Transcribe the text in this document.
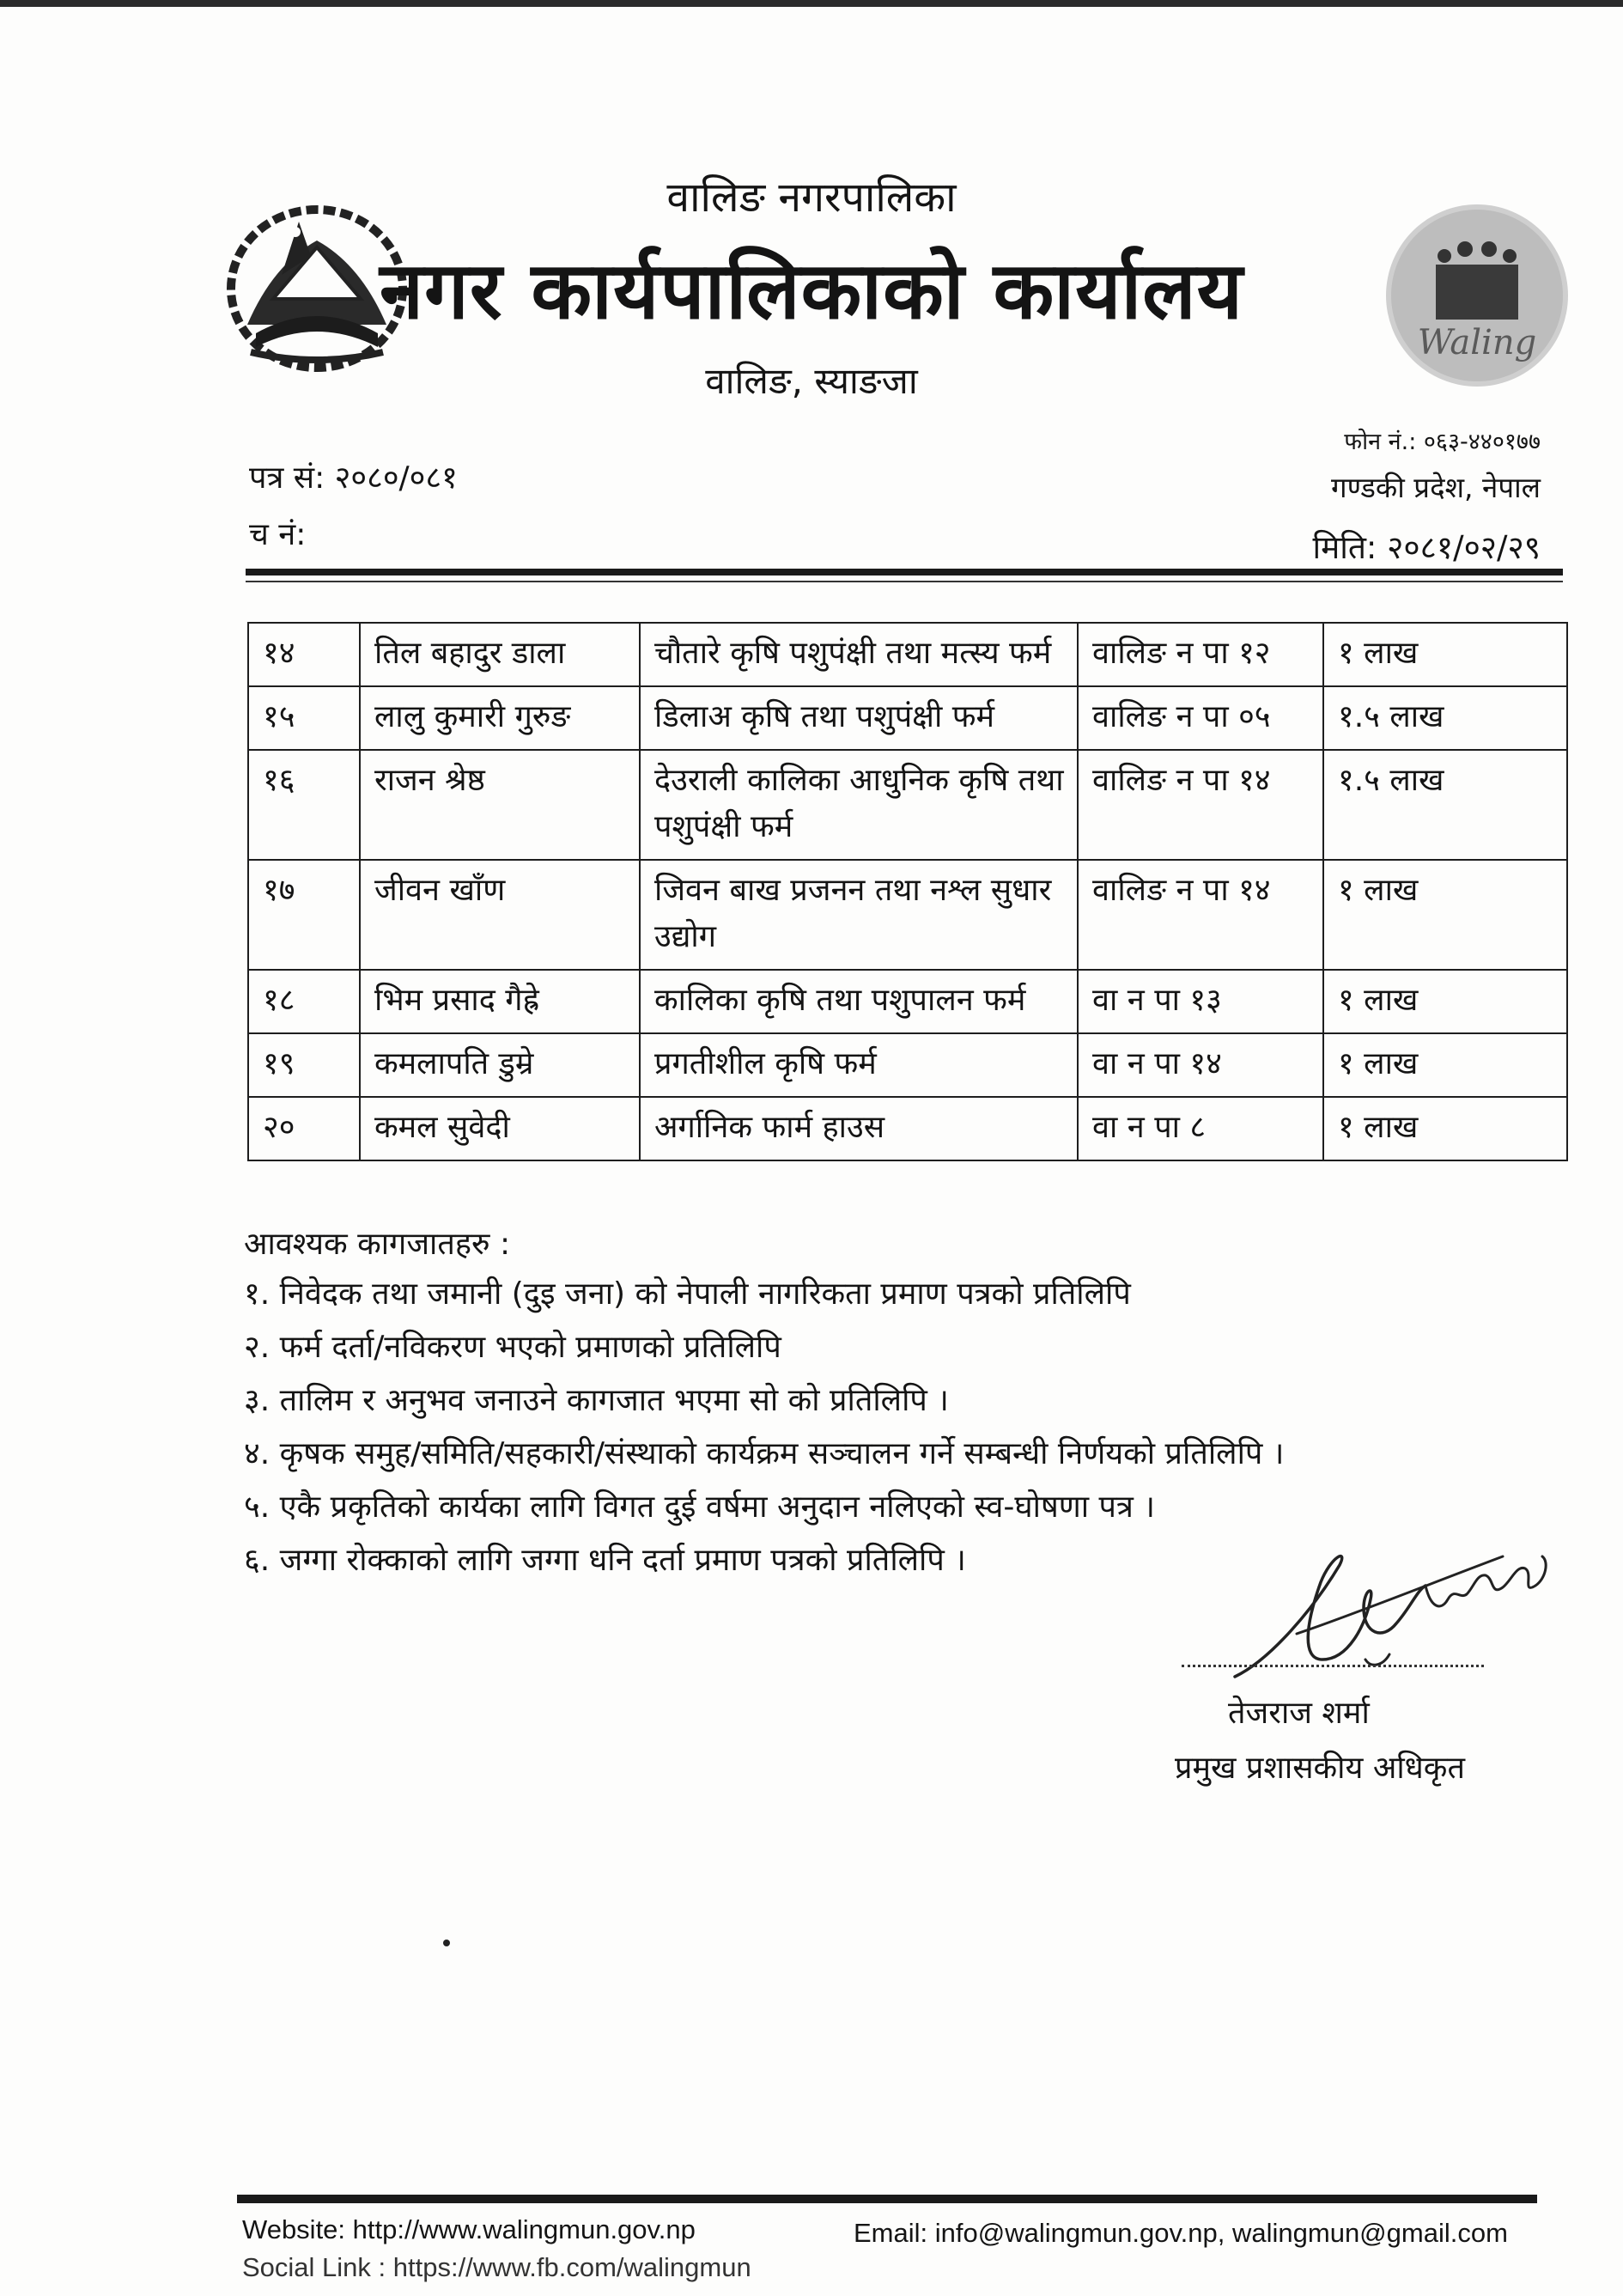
Waling
वालिङ नगरपालिका
नगर कार्यपालिकाको कार्यालय
वालिङ, स्याङजा
पत्र सं: २०८०/०८१
च नं:
फोन नं.: ०६३-४४०१७७
गण्डकी प्रदेश, नेपाल
मिति: २०८१/०२/२९
१४	तिल बहादुर डाला	चौतारे कृषि पशुपंक्षी तथा मत्स्य फर्म	वालिङ न पा १२	१ लाख
१५	लालु कुमारी गुरुङ	डिलाअ कृषि तथा पशुपंक्षी फर्म	वालिङ न पा ०५	१.५ लाख
१६	राजन श्रेष्ठ	देउराली कालिका आधुनिक कृषि तथा पशुपंक्षी फर्म	वालिङ न पा १४	१.५ लाख
१७	जीवन खाँण	जिवन बाख प्रजनन तथा नश्ल सुधार उद्योग	वालिङ न पा १४	१ लाख
१८	भिम प्रसाद गैह्रे	कालिका कृषि तथा पशुपालन फर्म	वा न पा १३	१ लाख
१९	कमलापति डुम्रे	प्रगतीशील कृषि फर्म	वा न पा १४	१ लाख
२०	कमल सुवेदी	अर्गानिक फार्म हाउस	वा न पा ८	१ लाख
आवश्यक कागजातहरु :
१. निवेदक तथा जमानी (दुइ जना) को नेपाली नागरिकता प्रमाण पत्रको प्रतिलिपि
२. फर्म दर्ता/नविकरण भएको प्रमाणको प्रतिलिपि
३. तालिम र अनुभव जनाउने कागजात भएमा सो को प्रतिलिपि ।
४. कृषक समुह/समिति/सहकारी/संस्थाको कार्यक्रम सञ्चालन गर्ने सम्बन्धी निर्णयको प्रतिलिपि ।
५. एकै प्रकृतिको कार्यका लागि विगत दुई वर्षमा अनुदान नलिएको स्व-घोषणा पत्र ।
६. जग्गा रोक्काको लागि जग्गा धनि दर्ता प्रमाण पत्रको प्रतिलिपि ।
तेजराज शर्मा
प्रमुख प्रशासकीय अधिकृत
Website: http://www.walingmun.gov.np	Email: info@walingmun.gov.np, walingmun@gmail.com
Social Link : https://www.fb.com/walingmun
